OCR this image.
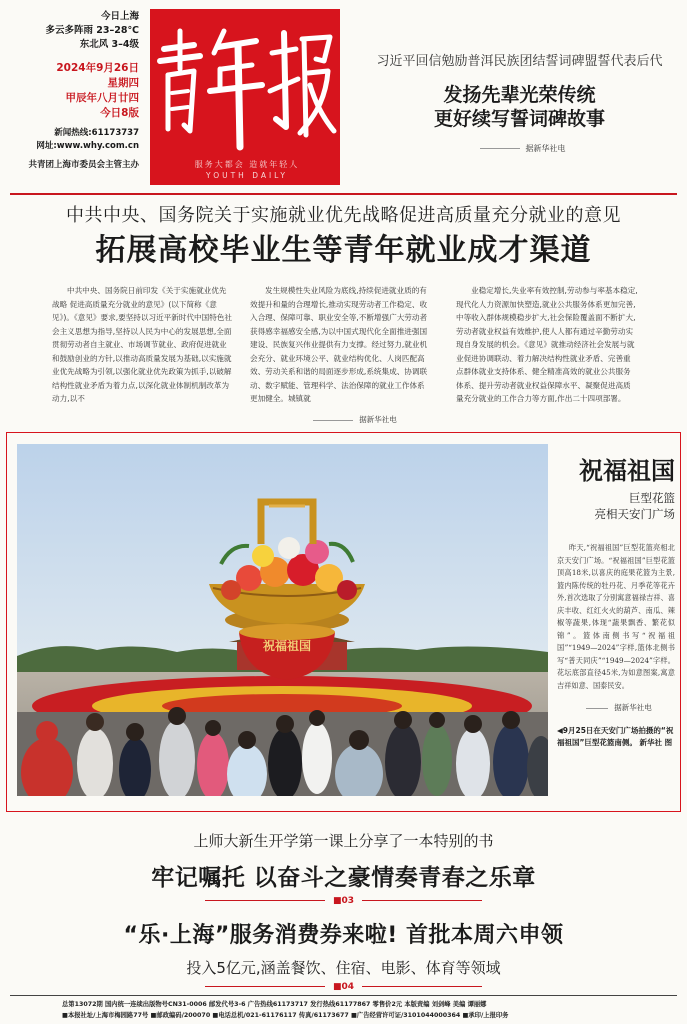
今日上海
多云多阵雨 23–28℃
东北风 3–4级
2024年9月26日
星期四
甲辰年八月廿四
今日8版
新闻热线:61173737
网址:www.why.com.cn
共青团上海市委员会主管主办	服务大都会 造就年轻人
YOUTH DAILY
习近平回信勉励普洱民族团结誓词碑盟誓代表后代
发扬先辈光荣传统
更好续写誓词碑故事
据新华社电
中共中央、国务院关于实施就业优先战略促进高质量充分就业的意见
拓展高校毕业生等青年就业成才渠道
中共中央、国务院日前印发《关于实施就业优先战略 促进高质量充分就业的意见》(以下简称《意见》)。《意见》要求,要坚持以习近平新时代中国特色社会主义思想为指导,坚持以人民为中心的发展思想,全面贯彻劳动者自主就业、市场调节就业、政府促进就业和鼓励创业的方针,以推动高质量发展为基础,以实施就业优先战略为引领,以强化就业优先政策为抓手,以破解结构性就业矛盾为着力点,以深化就业体制机制改革为动力,以不
发生规模性失业风险为底线,持续促进就业质的有效提升和量的合理增长,推动实现劳动者工作稳定、收入合理、保障可靠、职业安全等,不断增强广大劳动者获得感幸福感安全感,为以中国式现代化全面推进强国建设、民族复兴伟业提供有力支撑。经过努力,就业机会充分、就业环境公平、就业结构优化、人岗匹配高效、劳动关系和谐的局面逐步形成,系统集成、协调联动、数字赋能、管理科学、法治保障的就业工作体系更加健全。城镇就
业稳定增长,失业率有效控制,劳动参与率基本稳定,现代化人力资源加快塑造,就业公共服务体系更加完善,中等收入群体规模稳步扩大,社会保险覆盖面不断扩大,劳动者就业权益有效维护,使人人都有通过辛勤劳动实现自身发展的机会。《意见》就推动经济社会发展与就业促进协调联动、着力解决结构性就业矛盾、完善重点群体就业支持体系、健全精准高效的就业公共服务体系、提升劳动者就业权益保障水平、凝聚促进高质量充分就业的工作合力等方面,作出二十四项部署。
据新华社电
祝福祖国
祝福祖国
巨型花篮
亮相天安门广场
昨天,“祝福祖国”巨型花篮亮相北京天安门广场。“祝福祖国”巨型花篮顶高18米,以喜庆的庭果花篮为主景,篮内陈传统的牡丹花、月季花等花卉外,首次选取了分别寓意福禄吉祥、喜庆丰收、红红火火的葫芦、南瓜、辣椒等蔬果,体现“蔬果飘香、繁花似锦”。篮体南侧书写“祝福祖国”“1949—2024”字样,篮体北侧书写“普天同庆”“1949—2024”字样。花坛底部直径45米,为如意图案,寓意吉祥如意、国泰民安。
据新华社电
◀9月25日在天安门广场拍摄的“祝福祖国”巨型花篮南侧。 新华社 图
上师大新生开学第一课上分享了一本特别的书
牢记嘱托 以奋斗之豪情奏青春之乐章
■03
“乐·上海”服务消费券来啦! 首批本周六申领
投入5亿元,涵盖餐饮、住宿、电影、体育等领域
■04
总第13072期 国内统一连续出版物号CN31-0006 邮发代号3-6 广告热线61173717 发行热线61177867 零售价2元 本版责编 刘剑峰 美编 谭丽娜
■本报社址/上海市梅园路77号 ■邮政编码/200070 ■电话总机/021-61176117 传真/61173677 ■广告经营许可证/3101044000364 ■承印/上报印务
